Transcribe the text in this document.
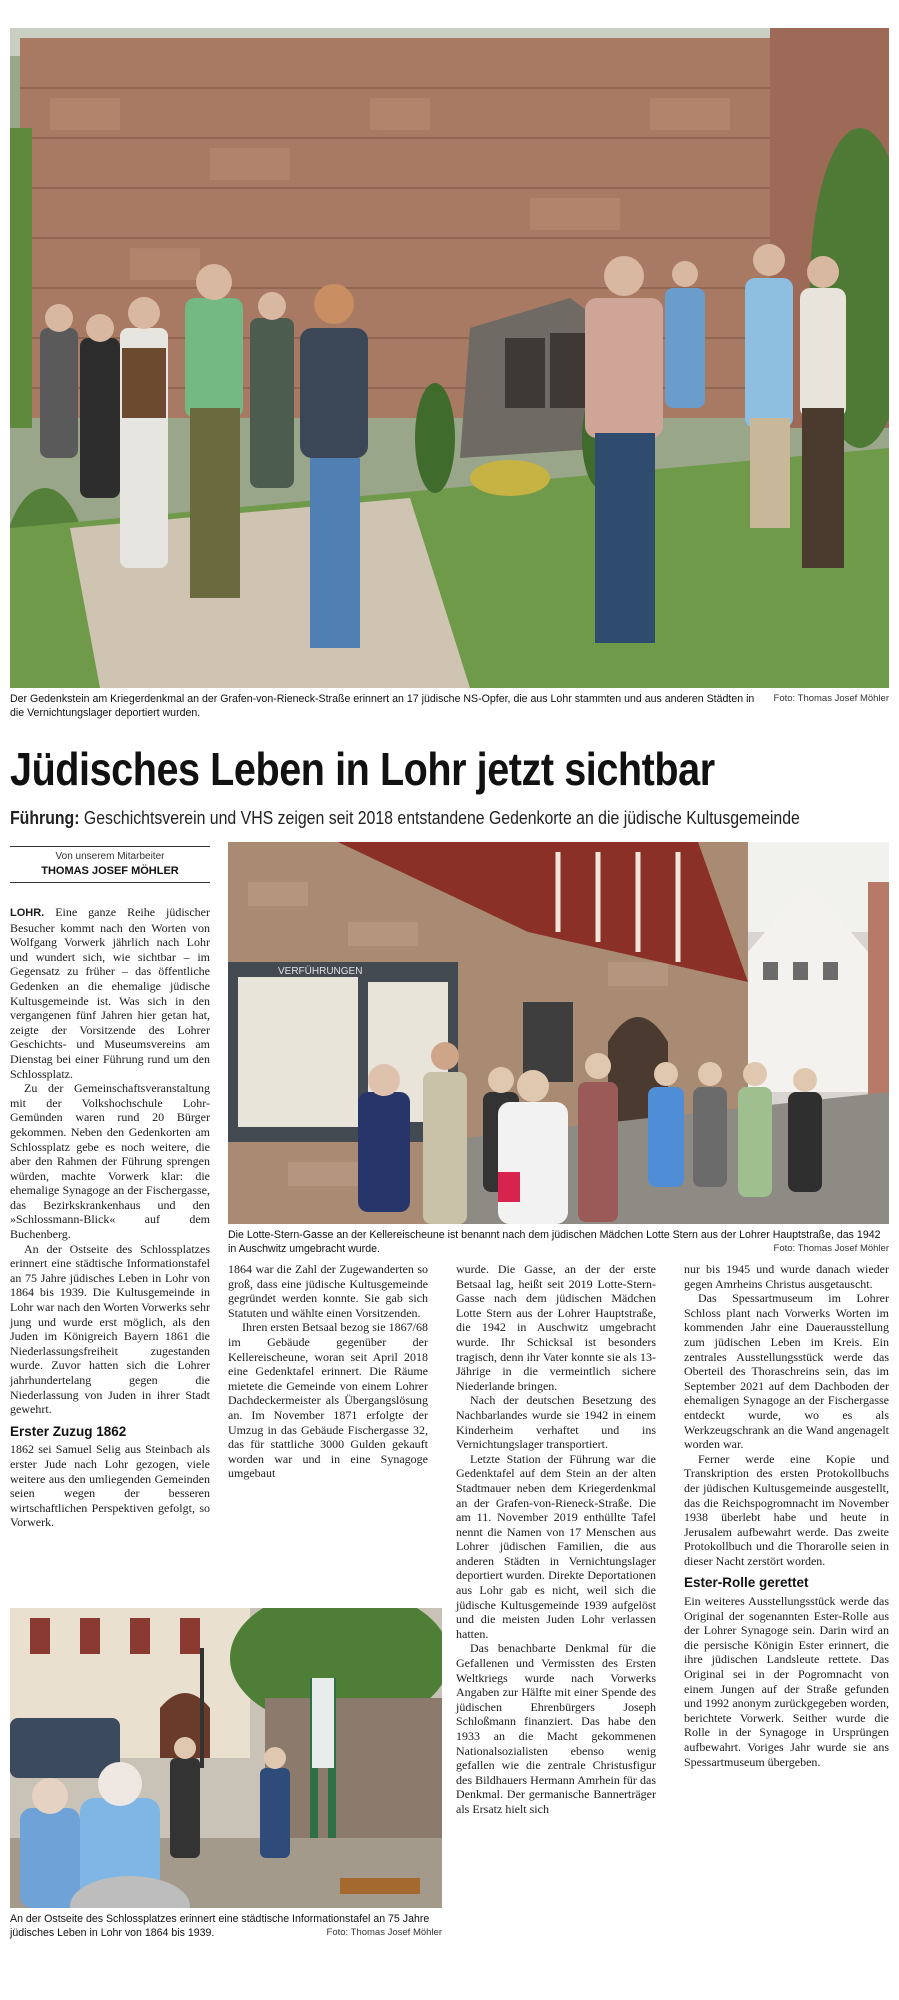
Foto: Thomas Josef Möhler
Der Gedenkstein am Kriegerdenkmal an der Grafen-von-Rieneck-Straße erinnert an 17 jüdische NS-Opfer, die aus Lohr stammten und aus anderen Städten in die Vernichtungslager deportiert wurden.
Jüdisches Leben in Lohr jetzt sichtbar
Führung: Geschichtsverein und VHS zeigen seit 2018 entstandene Gedenkorte an die jüdische Kultusgemeinde
Von unserem Mitarbeiter
THOMAS JOSEF MÖHLER

LOHR. Eine ganze Reihe jüdischer Besucher kommt nach den Worten von Wolfgang Vorwerk jährlich nach Lohr und wundert sich, wie sichtbar – im Gegensatz zu früher – das öffentliche Gedenken an die ehemalige jüdische Kultusgemeinde ist. Was sich in den vergangenen fünf Jahren hier getan hat, zeigte der Vorsitzende des Lohrer Geschichts- und Museumsvereins am Dienstag bei einer Führung rund um den Schlossplatz.

Zu der Gemeinschaftsveranstaltung mit der Volkshochschule Lohr-Gemünden waren rund 20 Bürger gekommen. Neben den Gedenkorten am Schlossplatz gebe es noch weitere, die aber den Rahmen der Führung sprengen würden, machte Vorwerk klar: die ehemalige Synagoge an der Fischergasse, das Bezirkskrankenhaus und den »Schlossmann-Blick« auf dem Buchenberg.

An der Ostseite des Schlossplatzes erinnert eine städtische Informationstafel an 75 Jahre jüdisches Leben in Lohr von 1864 bis 1939. Die Kultusgemeinde in Lohr war nach den Worten Vorwerks sehr jung und wurde erst möglich, als den Juden im Königreich Bayern 1861 die Niederlassungsfreiheit zugestanden wurde. Zuvor hatten sich die Lohrer jahrhundertelang gegen die Niederlassung von Juden in ihrer Stadt gewehrt.

Erster Zuzug 1862

1862 sei Samuel Selig aus Steinbach als erster Jude nach Lohr gezogen, viele weitere aus den umliegenden Gemeinden seien wegen der besseren wirtschaftlichen Perspektiven gefolgt, so Vorwerk.

VERFÜHRUNGEN
Die Lotte-Stern-Gasse an der Kellereischeune ist benannt nach dem jüdischen Mädchen Lotte Stern aus der Lohrer Hauptstraße, das 1942 in Auschwitz umgebracht wurde.	Foto: Thomas Josef Möhler

1864 war die Zahl der Zugewanderten so groß, dass eine jüdische Kultusgemeinde gegründet werden konnte. Sie gab sich Statuten und wählte einen Vorsitzenden.

Ihren ersten Betsaal bezog sie 1867/68 im Gebäude gegenüber der Kellereischeune, woran seit April 2018 eine Gedenktafel erinnert. Die Räume mietete die Gemeinde von einem Lohrer Dachdeckermeister als Übergangslösung an. Im November 1871 erfolgte der Umzug in das Gebäude Fischergasse 32, das für stattliche 3000 Gulden gekauft worden war und in eine Synagoge umgebaut

wurde. Die Gasse, an der der erste Betsaal lag, heißt seit 2019 Lotte-Stern-Gasse nach dem jüdischen Mädchen Lotte Stern aus der Lohrer Hauptstraße, die 1942 in Auschwitz umgebracht wurde. Ihr Schicksal ist besonders tragisch, denn ihr Vater konnte sie als 13-Jährige in die vermeintlich sichere Niederlande bringen.

Nach der deutschen Besetzung des Nachbarlandes wurde sie 1942 in einem Kinderheim verhaftet und ins Vernichtungslager transportiert.

Letzte Station der Führung war die Gedenktafel auf dem Stein an der alten Stadtmauer neben dem Kriegerdenkmal an der Grafen-von-Rieneck-Straße. Die am 11. November 2019 enthüllte Tafel nennt die Namen von 17 Menschen aus Lohrer jüdischen Familien, die aus anderen Städten in Vernichtungslager deportiert wurden. Direkte Deportationen aus Lohr gab es nicht, weil sich die jüdische Kultusgemeinde 1939 aufgelöst und die meisten Juden Lohr verlassen hatten.

Das benachbarte Denkmal für die Gefallenen und Vermissten des Ersten Weltkriegs wurde nach Vorwerks Angaben zur Hälfte mit einer Spende des jüdischen Ehrenbürgers Joseph Schloßmann finanziert. Das habe den 1933 an die Macht gekommenen Nationalsozialisten ebenso wenig gefallen wie die zentrale Christusfigur des Bildhauers Hermann Amrhein für das Denkmal. Der germanische Bannerträger als Ersatz hielt sich

nur bis 1945 und wurde danach wieder gegen Amrheins Christus ausgetauscht.

Das Spessartmuseum im Lohrer Schloss plant nach Vorwerks Worten im kommenden Jahr eine Dauerausstellung zum jüdischen Leben im Kreis. Ein zentrales Ausstellungsstück werde das Oberteil des Thoraschreins sein, das im September 2021 auf dem Dachboden der ehemaligen Synagoge an der Fischergasse entdeckt wurde, wo es als Werkzeugschrank an die Wand angenagelt worden war.

Ferner werde eine Kopie und Transkription des ersten Protokollbuchs der jüdischen Kultusgemeinde ausgestellt, das die Reichspogromnacht im November 1938 überlebt habe und heute in Jerusalem aufbewahrt werde. Das zweite Protokollbuch und die Thorarolle seien in dieser Nacht zerstört worden.

Ester-Rolle gerettet

Ein weiteres Ausstellungsstück werde das Original der sogenannten Ester-Rolle aus der Lohrer Synagoge sein. Darin wird an die persische Königin Ester erinnert, die ihre jüdischen Landsleute rettete. Das Original sei in der Pogromnacht von einem Jungen auf der Straße gefunden und 1992 anonym zurückgegeben worden, berichtete Vorwerk. Seither wurde die Rolle in der Synagoge in Ursprüngen aufbewahrt. Voriges Jahr wurde sie ans Spessartmuseum übergeben.

An der Ostseite des Schlossplatzes erinnert eine städtische Informationstafel an 75 Jahre jüdisches Leben in Lohr von 1864 bis 1939.	Foto: Thomas Josef Möhler
